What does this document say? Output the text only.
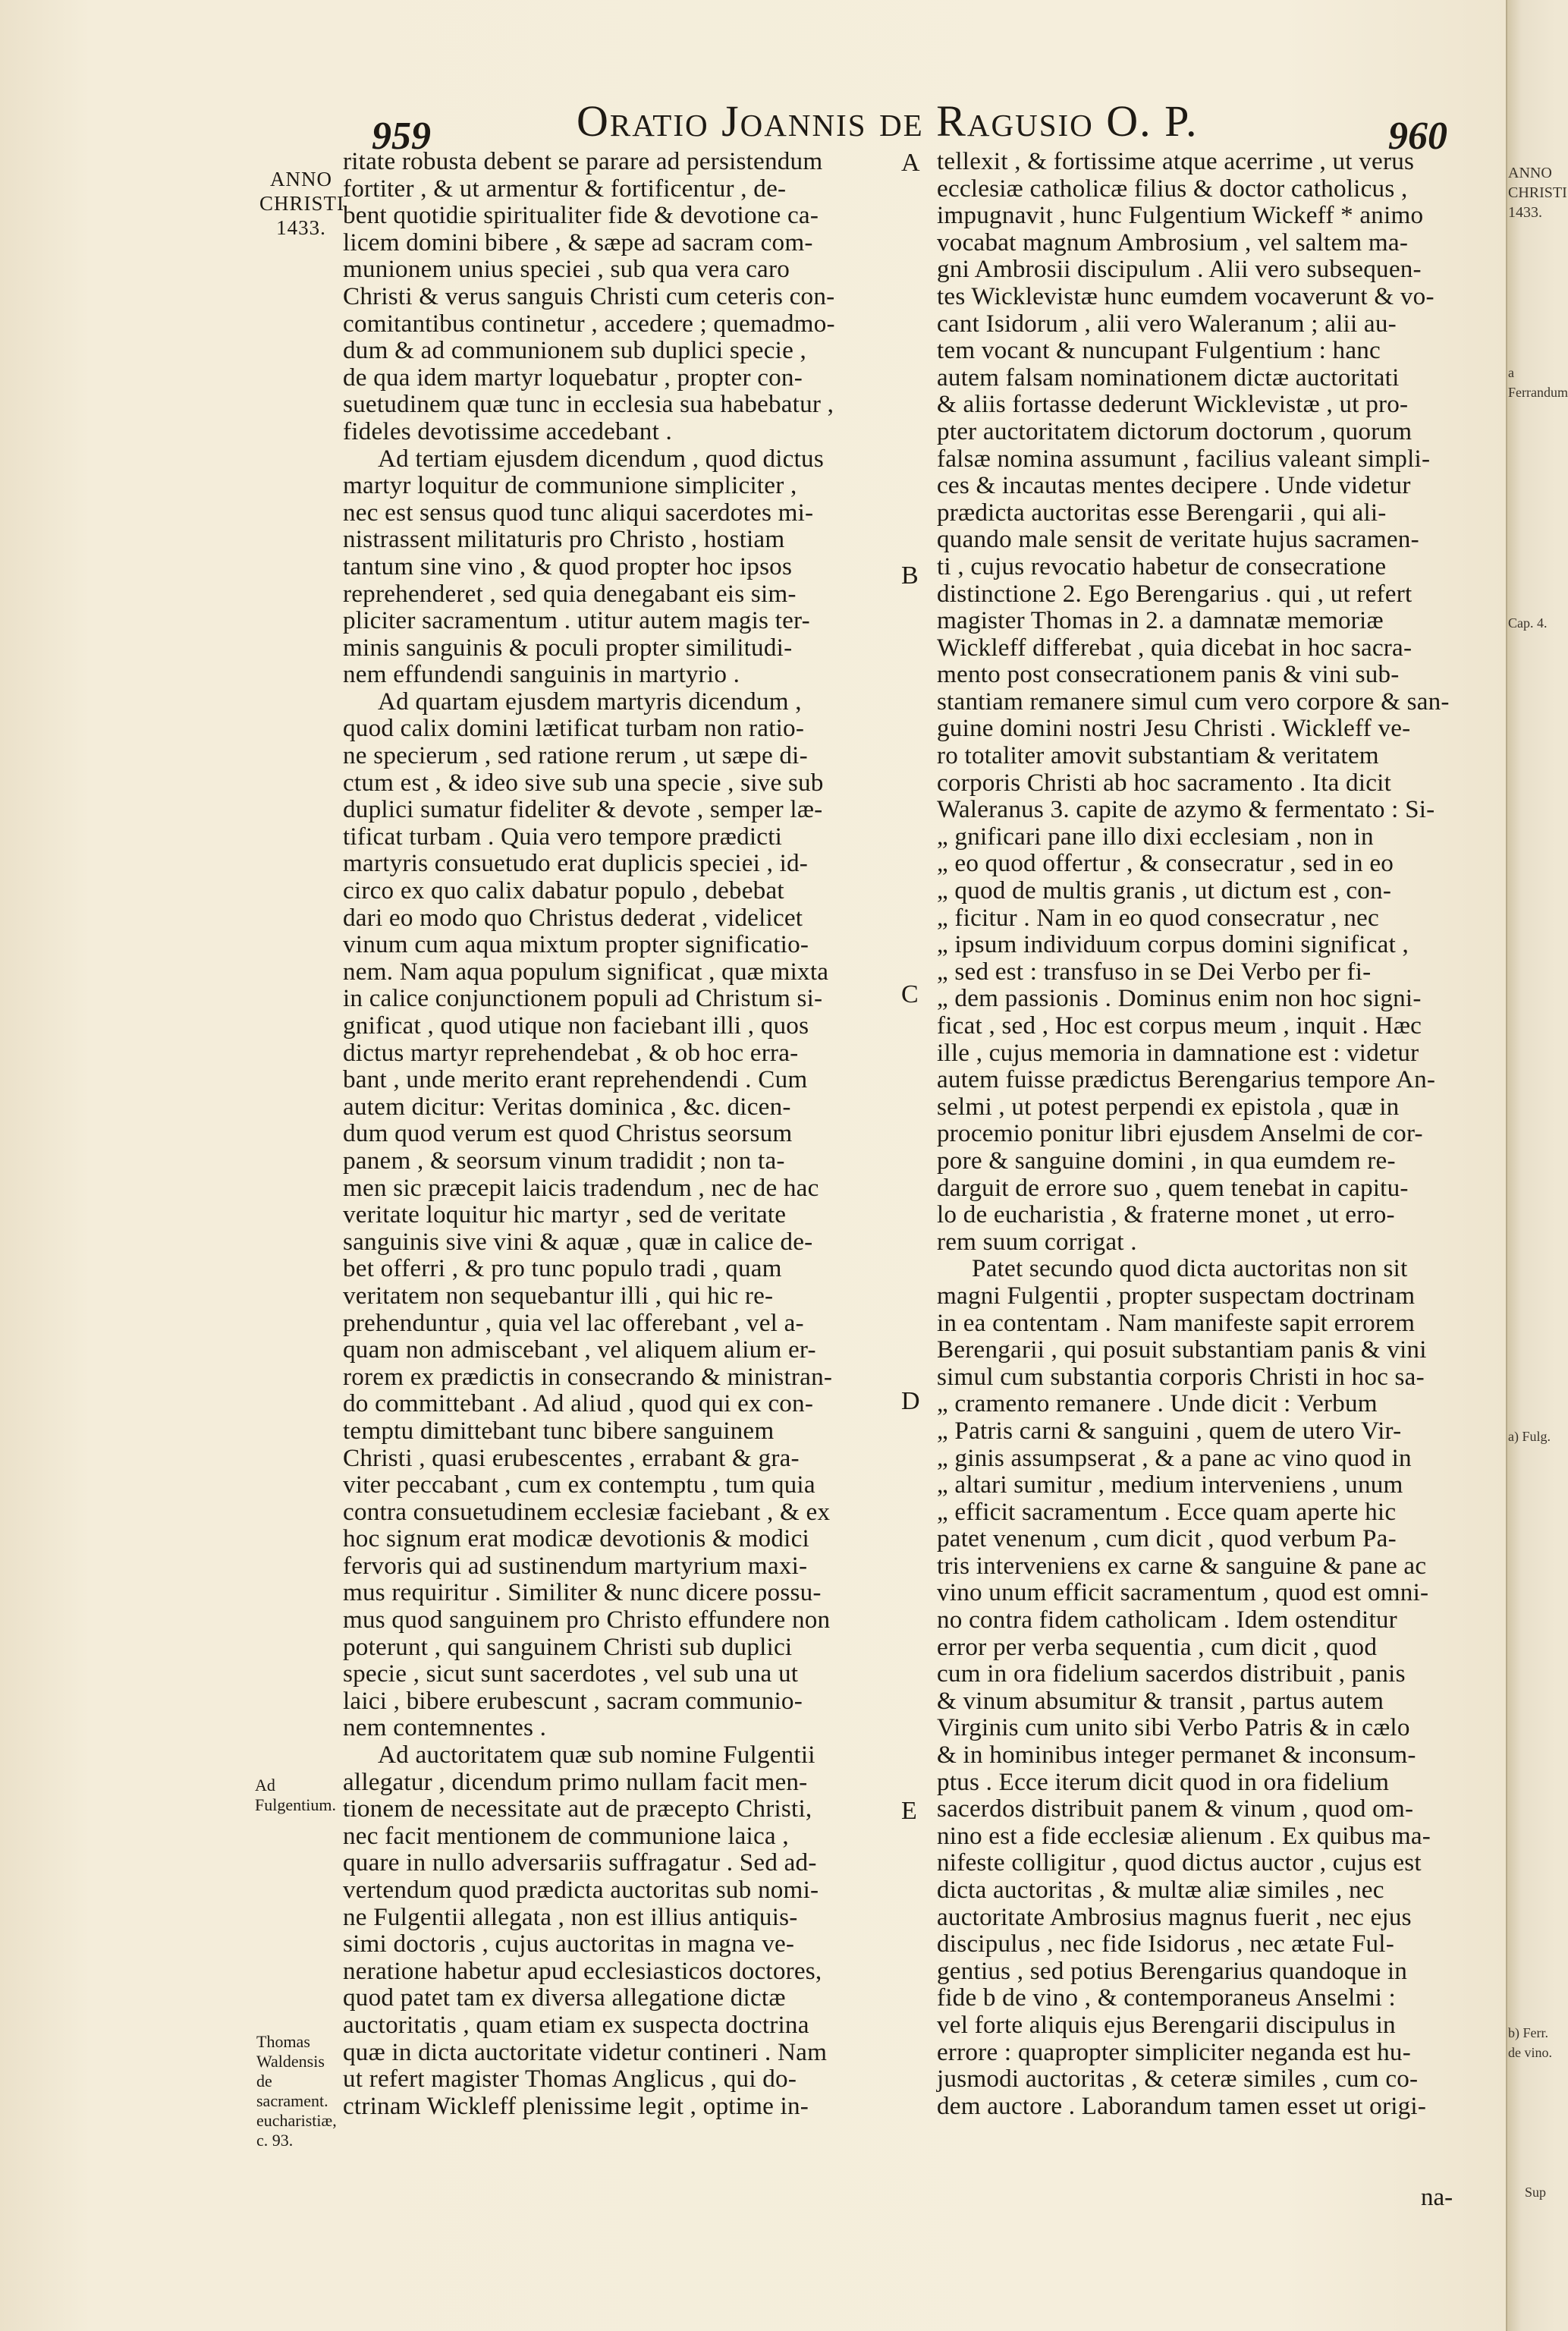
959	Oratio Joannis de Ragusio O. P.	960
ANNO CHRISTI 1433.
Ad Fulgentium.
Thomas Waldensis de sacrament. eucharistiæ, c. 93.
ANNO CHRISTI 1433.
a Ferrandum
Cap. 4.
a) Fulg.
b) Ferr. de vino.
Sup
A
B
C
D
E
ritate robusta debent se parare ad persistendum
fortiter , & ut armentur & fortificentur , de-
bent quotidie spiritualiter fide & devotione ca-
licem domini bibere , & sæpe ad sacram com-
munionem unius speciei , sub qua vera caro
Christi & verus sanguis Christi cum ceteris con-
comitantibus continetur , accedere ; quemadmo-
dum & ad communionem sub duplici specie ,
de qua idem martyr loquebatur , propter con-
suetudinem quæ tunc in ecclesia sua habebatur ,
fideles devotissime accedebant .
Ad tertiam ejusdem dicendum , quod dictus
martyr loquitur de communione simpliciter ,
nec est sensus quod tunc aliqui sacerdotes mi-
nistrassent militaturis pro Christo , hostiam
tantum sine vino , & quod propter hoc ipsos
reprehenderet , sed quia denegabant eis sim-
pliciter sacramentum . utitur autem magis ter-
minis sanguinis & poculi propter similitudi-
nem effundendi sanguinis in martyrio .
Ad quartam ejusdem martyris dicendum ,
quod calix domini lætificat turbam non ratio-
ne specierum , sed ratione rerum , ut sæpe di-
ctum est , & ideo sive sub una specie , sive sub
duplici sumatur fideliter & devote , semper læ-
tificat turbam . Quia vero tempore prædicti
martyris consuetudo erat duplicis speciei , id-
circo ex quo calix dabatur populo , debebat
dari eo modo quo Christus dederat , videlicet
vinum cum aqua mixtum propter significatio-
nem. Nam aqua populum significat , quæ mixta
in calice conjunctionem populi ad Christum si-
gnificat , quod utique non faciebant illi , quos
dictus martyr reprehendebat , & ob hoc erra-
bant , unde merito erant reprehendendi . Cum
autem dicitur: Veritas dominica , &c. dicen-
dum quod verum est quod Christus seorsum
panem , & seorsum vinum tradidit ; non ta-
men sic præcepit laicis tradendum , nec de hac
veritate loquitur hic martyr , sed de veritate
sanguinis sive vini & aquæ , quæ in calice de-
bet offerri , & pro tunc populo tradi , quam
veritatem non sequebantur illi , qui hic re-
prehenduntur , quia vel lac offerebant , vel a-
quam non admiscebant , vel aliquem alium er-
rorem ex prædictis in consecrando & ministran-
do committebant . Ad aliud , quod qui ex con-
temptu dimittebant tunc bibere sanguinem
Christi , quasi erubescentes , errabant & gra-
viter peccabant , cum ex contemptu , tum quia
contra consuetudinem ecclesiæ faciebant , & ex
hoc signum erat modicæ devotionis & modici
fervoris qui ad sustinendum martyrium maxi-
mus requiritur . Similiter & nunc dicere possu-
mus quod sanguinem pro Christo effundere non
poterunt , qui sanguinem Christi sub duplici
specie , sicut sunt sacerdotes , vel sub una ut
laici , bibere erubescunt , sacram communio-
nem contemnentes .
Ad auctoritatem quæ sub nomine Fulgentii
allegatur , dicendum primo nullam facit men-
tionem de necessitate aut de præcepto Christi,
nec facit mentionem de communione laica ,
quare in nullo adversariis suffragatur . Sed ad-
vertendum quod prædicta auctoritas sub nomi-
ne Fulgentii allegata , non est illius antiquis-
simi doctoris , cujus auctoritas in magna ve-
neratione habetur apud ecclesiasticos doctores,
quod patet tam ex diversa allegatione dictæ
auctoritatis , quam etiam ex suspecta doctrina
quæ in dicta auctoritate videtur contineri . Nam
ut refert magister Thomas Anglicus , qui do-
ctrinam Wickleff plenissime legit , optime in-
tellexit , & fortissime atque acerrime , ut verus
ecclesiæ catholicæ filius & doctor catholicus ,
impugnavit , hunc Fulgentium Wickeff * animo
vocabat magnum Ambrosium , vel saltem ma-
gni Ambrosii discipulum . Alii vero subsequen-
tes Wicklevistæ hunc eumdem vocaverunt & vo-
cant Isidorum , alii vero Waleranum ; alii au-
tem vocant & nuncupant Fulgentium : hanc
autem falsam nominationem dictæ auctoritati
& aliis fortasse dederunt Wicklevistæ , ut pro-
pter auctoritatem dictorum doctorum , quorum
falsæ nomina assumunt , facilius valeant simpli-
ces & incautas mentes decipere . Unde videtur
prædicta auctoritas esse Berengarii , qui ali-
quando male sensit de veritate hujus sacramen-
ti , cujus revocatio habetur de consecratione
distinctione 2. Ego Berengarius . qui , ut refert
magister Thomas in 2. a damnatæ memoriæ
Wickleff differebat , quia dicebat in hoc sacra-
mento post consecrationem panis & vini sub-
stantiam remanere simul cum vero corpore & san-
guine domini nostri Jesu Christi . Wickleff ve-
ro totaliter amovit substantiam & veritatem
corporis Christi ab hoc sacramento . Ita dicit
Waleranus 3. capite de azymo & fermentato : Si-
„ gnificari pane illo dixi ecclesiam , non in
„ eo quod offertur , & consecratur , sed in eo
„ quod de multis granis , ut dictum est , con-
„ ficitur . Nam in eo quod consecratur , nec
„ ipsum individuum corpus domini significat ,
„ sed est : transfuso in se Dei Verbo per fi-
„ dem passionis . Dominus enim non hoc signi-
ficat , sed , Hoc est corpus meum , inquit . Hæc
ille , cujus memoria in damnatione est : videtur
autem fuisse prædictus Berengarius tempore An-
selmi , ut potest perpendi ex epistola , quæ in
procemio ponitur libri ejusdem Anselmi de cor-
pore & sanguine domini , in qua eumdem re-
darguit de errore suo , quem tenebat in capitu-
lo de eucharistia , & fraterne monet , ut erro-
rem suum corrigat .
Patet secundo quod dicta auctoritas non sit
magni Fulgentii , propter suspectam doctrinam
in ea contentam . Nam manifeste sapit errorem
Berengarii , qui posuit substantiam panis & vini
simul cum substantia corporis Christi in hoc sa-
„ cramento remanere . Unde dicit : Verbum
„ Patris carni & sanguini , quem de utero Vir-
„ ginis assumpserat , & a pane ac vino quod in
„ altari sumitur , medium interveniens , unum
„ efficit sacramentum . Ecce quam aperte hic
patet venenum , cum dicit , quod verbum Pa-
tris interveniens ex carne & sanguine & pane ac
vino unum efficit sacramentum , quod est omni-
no contra fidem catholicam . Idem ostenditur
error per verba sequentia , cum dicit , quod
cum in ora fidelium sacerdos distribuit , panis
& vinum absumitur & transit , partus autem
Virginis cum unito sibi Verbo Patris & in cælo
& in hominibus integer permanet & inconsum-
ptus . Ecce iterum dicit quod in ora fidelium
sacerdos distribuit panem & vinum , quod om-
nino est a fide ecclesiæ alienum . Ex quibus ma-
nifeste colligitur , quod dictus auctor , cujus est
dicta auctoritas , & multæ aliæ similes , nec
auctoritate Ambrosius magnus fuerit , nec ejus
discipulus , nec fide Isidorus , nec ætate Ful-
gentius , sed potius Berengarius quandoque in
fide b de vino , & contemporaneus Anselmi :
vel forte aliquis ejus Berengarii discipulus in
errore : quapropter simpliciter neganda est hu-
jusmodi auctoritas , & ceteræ similes , cum co-
dem auctore . Laborandum tamen esset ut origi-
na-
